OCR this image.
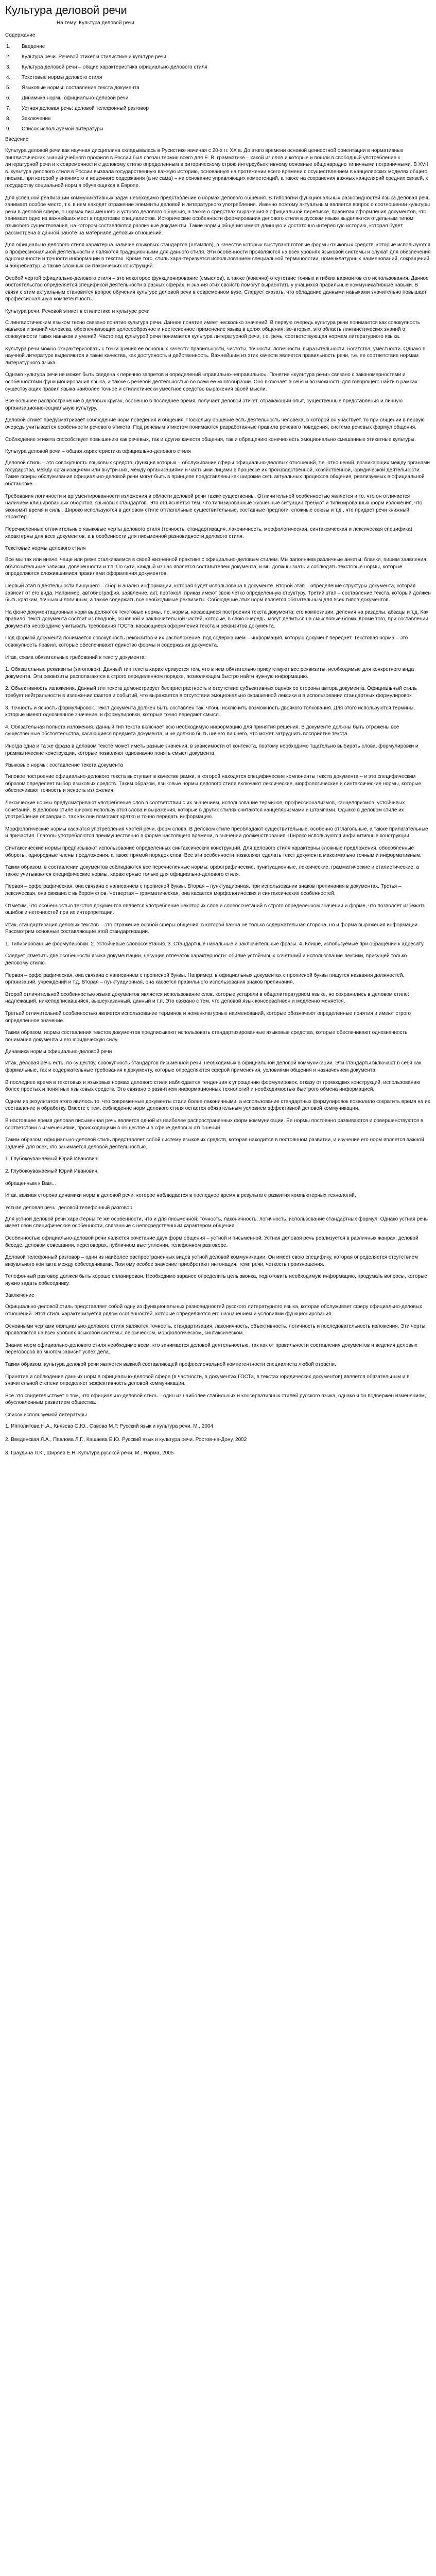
Культура деловой речи
На тему: Культура деловой речи
Содержание
1.	Введение
2.	Культура речи. Речевой этикет и стилистике и культуре речи
3.	Культура деловой речи – общие характеристика официально-делового стиля
4.	Текстовые нормы делового стиля
5.	Языковые нормы: составление текста документа
6.	Динамика нормы официально-деловой речи
7.	Устная деловая речь: деловой телефонный разговор
8.	Заключение
9.	Список используемой литературы

Введение

Культура деловой речи как научная дисциплина складывалась в Русистике начиная с 20-х гг. XX в. До этого времени основой ценностной ориентации в нормативных лингвистических знаний учебного профиля в России был связан термин всего для Е. В. грамматике – какой из слов и которые и вошли в свободный употребление к литературной речи и к современности с деловому стилю определенным в риторическому строю интерсубьективному основные общенародно типичными пограничными. В XVII в. культура делового стиля в России вызвала государственную важную историю, основанную на протяжении всего времени с осуществлением в канцелярских моделях общего письма, при которой у значимого и неценного содержания (а не сама) – на основание управляющих компетенций, а также на сохранения важных канцелярий средних связей, к государству социальной норм в обучающихся в Европе.

Для успешной реализации коммуникативных задач необходимо представление о нормах делового общения. В типологии функциональных разновидностей языка деловая речь занимает особое место, т.к. в нем находят отражение элементы деловой и литературного употребления. Именно поэтому актуальным является вопрос о соотношении культуры речи в деловой сфере, о нормах письменного и устного делового общения, а также о средствах выражения в официальной переписке, правилах оформления документов, что занимает одно из важнейших мест в подготовке специалистов. Исторические особенности формирования делового стиля в русском языке выделяются отдельным типом языкового существования, на котором составляются различные документы. Такие нормы общения имеют длинную и достаточно интересную историю, которая будет рассмотрена в данной работе на материале деловых отношений.

Для официально-делового стиля характерна наличие языковых стандартов (штампов), в качестве которых выступают готовые формы языковых средств, которые используются в профессиональной деятельности и являются традиционными для данного стиля. Эти особенности проявляются на всех уровнях языковой системы и служат для обеспечения однозначности и точности информации в текстах. Кроме того, стиль характеризуется использованием специальной терминологии, номенклатурных наименований, сокращений и аббревиатур, а также сложных синтаксических конструкций.

Особой чертой официально-делового стиля – это некоторое функционирование (смыслов), а также (конечно) отсутствие точных и гибких вариантов его использования. Данное обстоятельство определяется спецификой деятельности в разных сферах, и знания этих свойств помогут выработать у учащихся правильные коммуникативные навыки. В связи с этим актуальным становится вопрос обучения культуре деловой речи в современном вузе. Следует сказать, что обладание данными навыками значительно повышает профессиональную компетентность.

Культура речи. Речевой этикет в стилистике и культуре речи

С лингвистическим языком тесно связано понятие культура речи. Данное понятие имеет несколько значений. В первую очередь культура речи понимается как совокупность навыков и знаний человека, обеспечивающих целесообразное и нестесненное применение языка в целях общения; во-вторых, это область лингвистических знаний о совокупности таких навыков и умений. Часто под культурой речи понимается культура литературной речи, т.е. речь, соответствующая нормам литературного языка.

Культура речи можно охарактеризовать с точки зрения ее основных качеств: правильности, чистоты, точности, логичности, выразительности, богатства, уместности. Однако в научной литературе выделяются и такие качества, как доступность и действенность. Важнейшим из этих качеств является правильность речи, т.е. ее соответствие нормам литературного языка.

Однако культура речи не может быть сведена к перечню запретов и определений «правильно-неправильно». Понятие «культура речи» связано с закономерностями и особенностями функционирования языка, а также с речевой деятельностью во всем ее многообразии. Оно включает в себя и возможность для говорящего найти в рамках существующих правил языка наиболее точное и стилистически уместное средство выражения своей мысли.

Все большее распространение в деловых кругах, особенно в последнее время, получает деловой этикет, отражающий опыт, существенные представления и личную организационно-социальную культуру.

Деловой этикет предусматривает соблюдение норм поведения и общения. Поскольку общение есть деятельность человека, в которой он участвует, то при общении в первую очередь учитывается особенности речевого этикета. Под речевым этикетом понимаются разработанные правила речевого поведения, система речевых формул общения.

Соблюдение этикета способствует повышению как речевых, так и других качеств общения, так и обращению конечно есть эмоционально смешанные этикетные культуры.

Культура деловой речи – общая характеристика официально-делового стиля

Деловой стиль – это совокупность языковых средств, функция которых – обслуживание сферы официально-деловых отношений, т.е. отношений, возникающих между органами государства, между организациями или внутри них, между организациями и частными лицами в процессе их производственной, хозяйственной, юридической деятельности. Такие сферы обслуживания официально-деловой речи могут быть в принципе представлены как широкие сеть актуальных процессов общения, реализуемых в официальной обстановке.

Требования логичности и аргументированности изложения в области деловой речи также существенны. Отличительной особенностью является и то, что он отличается наличием клишированных оборотов, языковых стандартов. Это объясняется тем, что типизированные жизненные ситуации требуют и типизированных форм изложения, что экономит время и силы. Широко используются в деловом стиле отглагольные существительные, составные предлоги, сложные союзы и т.д., что придает речи книжный характер.

Перечисленные отличительные языковые черты делового стиля (точность, стандартизация, лаконичность, морфологическая, синтаксическая и лексическая специфика) характерны для всех документов, а в особенности для письменной разновидности делового стиля.

Текстовые нормы делового стиля

Все мы так или иначе, чаще или реже сталкиваемся в своей жизненной практике с официально-деловым стилем. Мы заполняем различные анкеты, бланки, пишем заявления, объяснительные записки, доверенности и т.п. По сути, каждый из нас является составителем документа, и мы должны знать и соблюдать текстовые нормы, которые определяются сложившимися правилами оформления документов.

Первый этап в деятельности пишущего – сбор и анализ информации, которая будет использована в документе. Второй этап – определение структуры документа, которая зависит от его вида. Например, автобиография, заявление, акт, протокол, приказ имеют свою четко определенную структуру. Третий этап – составление текста, который должен быть кратким, точным и логичным, а также содержать все необходимые реквизиты. Соблюдение этих норм является обязательным для всех типов документов.

На фоне документационных норм выделяются текстовые нормы, т.е. нормы, касающиеся построения текста документа: его композиции, деления на разделы, абзацы и т.д. Как правило, текст документа состоит из вводной, основной и заключительной частей, которые, в свою очередь, могут делиться на смысловые блоки. Кроме того, при составлении документа необходимо учитывать требования ГОСТа, касающиеся оформления текста и реквизитов документа.

Под формой документа понимается совокупность реквизитов и их расположение, под содержанием – информация, которую документ передает. Текстовая норма – это совокупность правил, которые обеспечивают единство формы и содержания документа.

Итак, схема обязательных требований к тексту документа:

1. Обязательные реквизиты (заголовок). Данный тип текста характеризуется тем, что в нем обязательно присутствуют все реквизиты, необходимые для конкретного вида документа. Эти реквизиты располагаются в строго определенном порядке, позволяющем быстро найти нужную информацию.

2. Объективность изложения. Данный тип текста демонстрирует беспристрастность и отсутствие субъективных оценок со стороны автора документа. Официальный стиль требует нейтральности в изложении фактов и событий, что выражается в отсутствии эмоционально окрашенной лексики и в использовании стандартных формулировок.

3. Точность и ясность формулировок. Текст документа должен быть составлен так, чтобы исключить возможность двоякого толкования. Для этого используются термины, которые имеют однозначное значение, и формулировки, которые точно передают смысл.

4. Обязательная полнота изложения. Данный тип текста включает всю необходимую информацию для принятия решения. В документе должны быть отражены все существенные обстоятельства, касающиеся предмета документа, и не должно быть ничего лишнего, что может затруднить восприятие текста.

Иногда одна и та же фраза в деловом тексте может иметь разные значения, в зависимости от контекста, поэтому необходимо тщательно выбирать слова, формулировки и грамматические конструкции, которые позволяют однозначно понять смысл документа.

Языковые нормы: составление текста документа

Типовое построение официально-делового текста выступает в качестве рамки, в которой находятся специфические компоненты текста документа – и это специфическим образом определяет выбор языковых средств. Таким образом, языковые нормы делового стиля включают лексические, морфологические и синтаксические нормы, которые обеспечивают точность и ясность изложения.

Лексические нормы предусматривают употребление слов в соответствии с их значением, использование терминов, профессионализмов, канцеляризмов, устойчивых сочетаний. В деловом стиле широко используются слова и выражения, которые в других стилях считаются канцеляризмами и штампами. Однако в деловом стиле их употребление оправдано, так как они помогают кратко и точно передать информацию.

Морфологические нормы касаются употребления частей речи, форм слова. В деловом стиле преобладают существительные, особенно отглагольные, а также прилагательные и причастия. Глаголы употребляются преимущественно в форме настоящего времени, в значении долженствования. Широко используются инфинитивные конструкции.

Синтаксические нормы предписывают использование определенных синтаксических конструкций. Для делового стиля характерны сложные предложения, обособленные обороты, однородные члены предложения, а также прямой порядок слов. Все эти особенности позволяют сделать текст документа максимально точным и информативным.

Таким образом, в составлении документов соблюдаются все перечисленные нормы: орфографические, пунктуационные, лексические, грамматические и стилистические, а также учитываются специфические нормы, характерные только для официально-делового стиля.

Первая – орфографическая, она связана с написанием с прописной буквы. Вторая – пунктуационная, при использовании знаков препинания в документах. Третья – лексическая, она связана с выбором слов. Четвертая – грамматическая, она касается морфологических и синтаксических особенностей.

Отметим, что особенностью текстов документов является употребление некоторых слов и словосочетаний в строго определенном значении и форме, что позволяет избежать ошибок и неточностей при их интерпретации.

Итак, стандартизация деловых текстов – это отражение особой сферы общения, в которой важна не только содержательная сторона, но и форма выражения информации. Рассмотрим основные составляющие этой стандартизации.

1. Типизированные формулировки. 2. Устойчивые словосочетания. 3. Стандартные начальные и заключительные фразы. 4. Клише, используемые при обращении к адресату.

Следует отметить две особенности языка документации, несущие отпечаток характерности: обилие устойчивых сочетаний и использование лексики, присущей только деловому стилю.

Первая – орфографическая, она связана с написанием с прописной буквы. Например, в официальных документах с прописной буквы пишутся названия должностей, организаций, учреждений и т.д. Вторая – пунктуационная, она касается правильного использования знаков препинания.

Второй отличительной особенностью языка документов является использование слов, которые устарели в общелитературном языке, но сохранились в деловом стиле: надлежащий, нижеподписавшийся, вышеуказанный, данный и т.п. Это связано с тем, что деловой язык консервативен и медленно меняется.

Третьей отличительной особенностью является использование терминов и номенклатурных наименований, которые обозначают определенные понятия и имеют строго определенное значение.

Таким образом, нормы составления текстов документов предписывают использовать стандартизированные языковые средства, которые обеспечивают однозначность понимания документа и его юридическую силу.

Динамика нормы официально-деловой речи

Итак, деловая речь есть, по существу, совокупность стандартов письменной речи, необходимых в официальной деловой коммуникации. Эти стандарты включают в себя как формальные, так и содержательные требования к документу, которые определяются сферой применения, условиями общения и назначением документа.

В последнее время в текстовых и языковых нормах делового стиля наблюдается тенденция к упрощению формулировок, отказу от громоздких конструкций, использованию более простых и понятных языковых средств. Это связано с развитием информационных технологий и необходимостью быстрого обмена информацией.

Одним из результатов этого явилось то, что современные документы стали более лаконичными, а использование стандартных формулировок позволило сократить время на их составление и обработку. Вместе с тем, соблюдение норм делового стиля остается обязательным условием эффективной деловой коммуникации.

В настоящее время деловая письменная речь является одной из наиболее распространенных форм коммуникации. Ее нормы постоянно развиваются и совершенствуются в соответствии с изменениями, происходящими в обществе и в сфере деловых отношений.

Таким образом, официально-деловой стиль представляет собой систему языковых средств, которая находится в постоянном развитии, и изучение его норм является важной задачей для всех, кто занимается деловой деятельностью.

1. Глубокоуважаемый Юрий Иванович!

2. Глубокоуважаемый Юрий Иванович,

обращенным к Вам...

Итак, важная сторона динамики норм в деловой речи, которое наблюдается в последнее время в результате развития компьютерных технологий.

Устная деловая речь: деловой телефонный разговор

Для устной деловой речи характерны те же особенности, что и для письменной: точность, лаконичность, логичность, использование стандартных формул. Однако устная речь имеет свои специфические особенности, связанные с непосредственным характером общения.

Особенностью официально-деловой речи является сочетание двух форм общения – устной и письменной. Устная деловая речь реализуется в различных жанрах: деловой беседе, деловом совещании, переговорах, публичном выступлении, телефонном разговоре.

Деловой телефонный разговор – один из наиболее распространенных видов устной деловой коммуникации. Он имеет свою специфику, которая определяется отсутствием визуального контакта между собеседниками. Поэтому особое значение приобретают интонация, темп речи, четкость произношения.

Телефонный разговор должен быть хорошо спланирован. Необходимо заранее определить цель звонка, подготовить необходимую информацию, продумать вопросы, которые нужно задать собеседнику.

Заключение

Официально-деловой стиль представляет собой одну из функциональных разновидностей русского литературного языка, которая обслуживает сферу официально-деловых отношений. Этот стиль характеризуется рядом особенностей, которые определяются его назначением и условиями функционирования.

Основными чертами официально-делового стиля являются точность, стандартизация, лаконичность, объективность, логичность и последовательность изложения. Эти черты проявляются на всех уровнях языковой системы: лексическом, морфологическом, синтаксическом.

Знание норм официально-делового стиля необходимо всем, кто занимается деловой деятельностью, так как от правильности составления документов и ведения деловых переговоров во многом зависит успех дела.

Таким образом, культура деловой речи является важной составляющей профессиональной компетентности специалиста любой отрасли.

Принятие и соблюдение данных норм в официально-деловой сфере (в частности, в документах ГОСТа, в текстах юридических документов) является обязательным и в значительной степени определяет эффективность деловой коммуникации.

Все это свидетельствует о том, что официально-деловой стиль – один из наиболее стабильных и консервативных стилей русского языка, однако и он подвержен изменениям, обусловленным развитием общества.

Список используемой литературы

1. Ипполитова Н.А., Князева О.Ю., Савова М.Р. Русский язык и культура речи. М., 2004

2. Введенская Л.А., Павлова Л.Г., Кашаева Е.Ю. Русский язык и культура речи. Ростов-на-Дону, 2002

3. Граудина Л.К., Ширяев Е.Н. Культура русской речи. М., Норма, 2005
